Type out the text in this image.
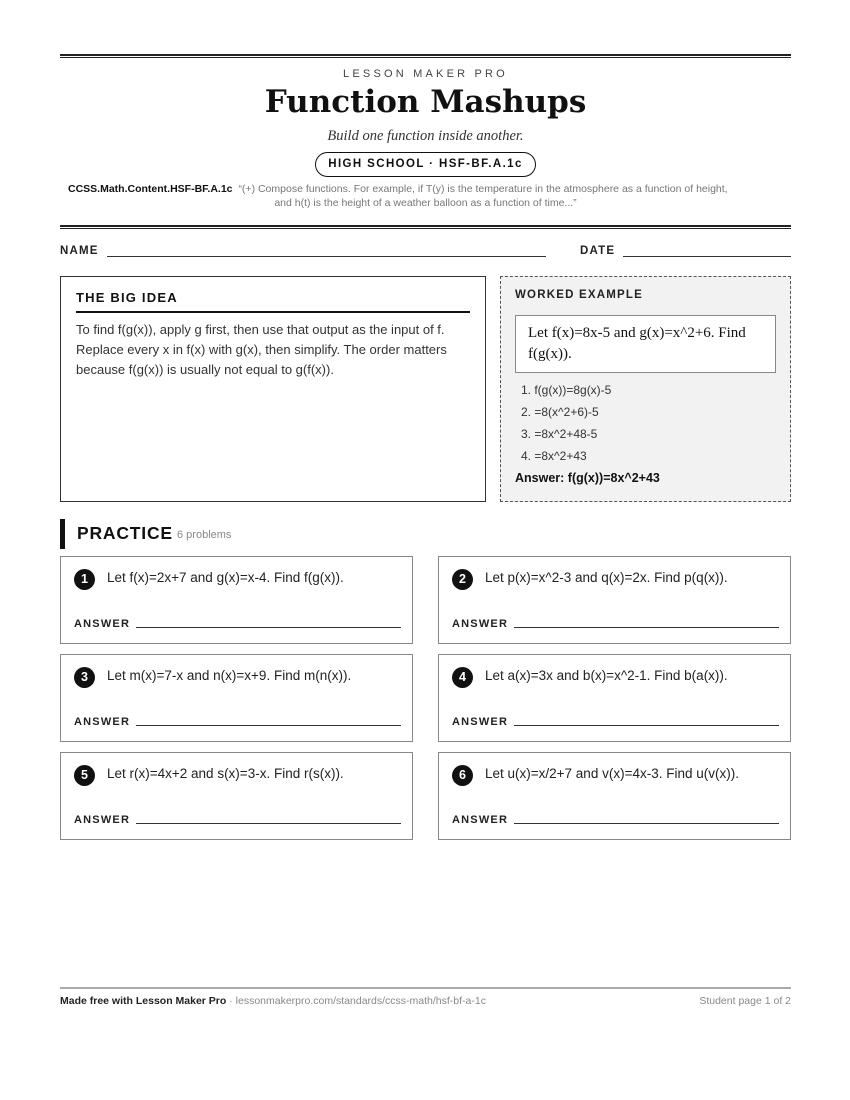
LESSON MAKER PRO
Function Mashups
Build one function inside another.
HIGH SCHOOL · HSF-BF.A.1c
CCSS.Math.Content.HSF-BF.A.1c “(+) Compose functions. For example, if T(y) is the temperature in the atmosphere as a function of height,
and h(t) is the height of a weather balloon as a function of time...”
NAME	DATE
THE BIG IDEA

To find f(g(x)), apply g first, then use that output as the input of f. Replace every x in f(x) with g(x), then simplify. The order matters because f(g(x)) is usually not equal to g(f(x)).

WORKED EXAMPLE
Let f(x)=8x-5 and g(x)=x^2+6. Find f(g(x)).
1. f(g(x))=8g(x)-5
2. =8(x^2+6)-5
3. =8x^2+48-5
4. =8x^2+43
Answer: f(g(x))=8x^2+43
PRACTICE 6 problems
1	Let f(x)=2x+7 and g(x)=x-4. Find f(g(x)).
ANSWER
2	Let p(x)=x^2-3 and q(x)=2x. Find p(q(x)).
ANSWER
3	Let m(x)=7-x and n(x)=x+9. Find m(n(x)).
ANSWER
4	Let a(x)=3x and b(x)=x^2-1. Find b(a(x)).
ANSWER
5	Let r(x)=4x+2 and s(x)=3-x. Find r(s(x)).
ANSWER
6	Let u(x)=x/2+7 and v(x)=4x-3. Find u(v(x)).
ANSWER
Made free with Lesson Maker Pro · lessonmakerpro.com/standards/ccss-math/hsf-bf-a-1c	Student page 1 of 2
